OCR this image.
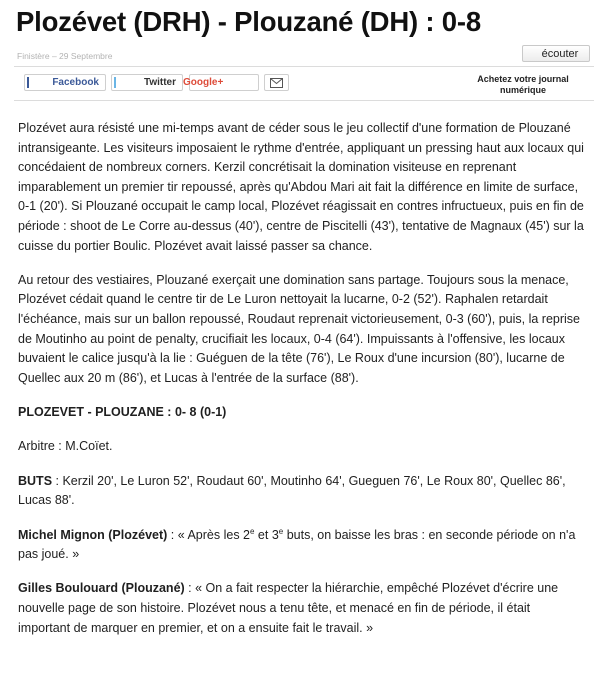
Plozévet (DRH) - Plouzané (DH) : 0-8
Finistère – 29 Septembre	écouter
Facebook	Twitter Google+	Achetez votre journal numérique

Plozévet aura résisté une mi-temps avant de céder sous le jeu collectif d'une formation de Plouzané intransigeante. Les visiteurs imposaient le rythme d'entrée, appliquant un pressing haut aux locaux qui concédaient de nombreux corners. Kerzil concrétisait la domination visiteuse en reprenant imparablement un premier tir repoussé, après qu'Abdou Mari ait fait la différence en limite de surface, 0-1 (20'). Si Plouzané occupait le camp local, Plozévet réagissait en contres infructueux, puis en fin de période : shoot de Le Corre au-dessus (40'), centre de Piscitelli (43'), tentative de Magnaux (45') sur la cuisse du portier Boulic. Plozévet avait laissé passer sa chance.

Au retour des vestiaires, Plouzané exerçait une domination sans partage. Toujours sous la menace, Plozévet cédait quand le centre tir de Le Luron nettoyait la lucarne, 0-2 (52'). Raphalen retardait l'échéance, mais sur un ballon repoussé, Roudaut reprenait victorieusement, 0-3 (60'), puis, la reprise de Moutinho au point de penalty, crucifiait les locaux, 0-4 (64'). Impuissants à l'offensive, les locaux buvaient le calice jusqu'à la lie : Guéguen de la tête (76'), Le Roux d'une incursion (80'), lucarne de Quellec aux 20 m (86'), et Lucas à l'entrée de la surface (88').

PLOZEVET - PLOUZANE : 0- 8 (0-1)

Arbitre : M.Coïet.

BUTS : Kerzil 20', Le Luron 52', Roudaut 60', Moutinho 64', Gueguen 76', Le Roux 80', Quellec 86', Lucas 88'.

Michel Mignon (Plozévet) : « Après les 2e et 3e buts, on baisse les bras : en seconde période on n'a pas joué. »

Gilles Boulouard (Plouzané) : « On a fait respecter la hiérarchie, empêché Plozévet d'écrire une nouvelle page de son histoire. Plozévet nous a tenu tête, et menacé en fin de période, il était important de marquer en premier, et on a ensuite fait le travail. »
